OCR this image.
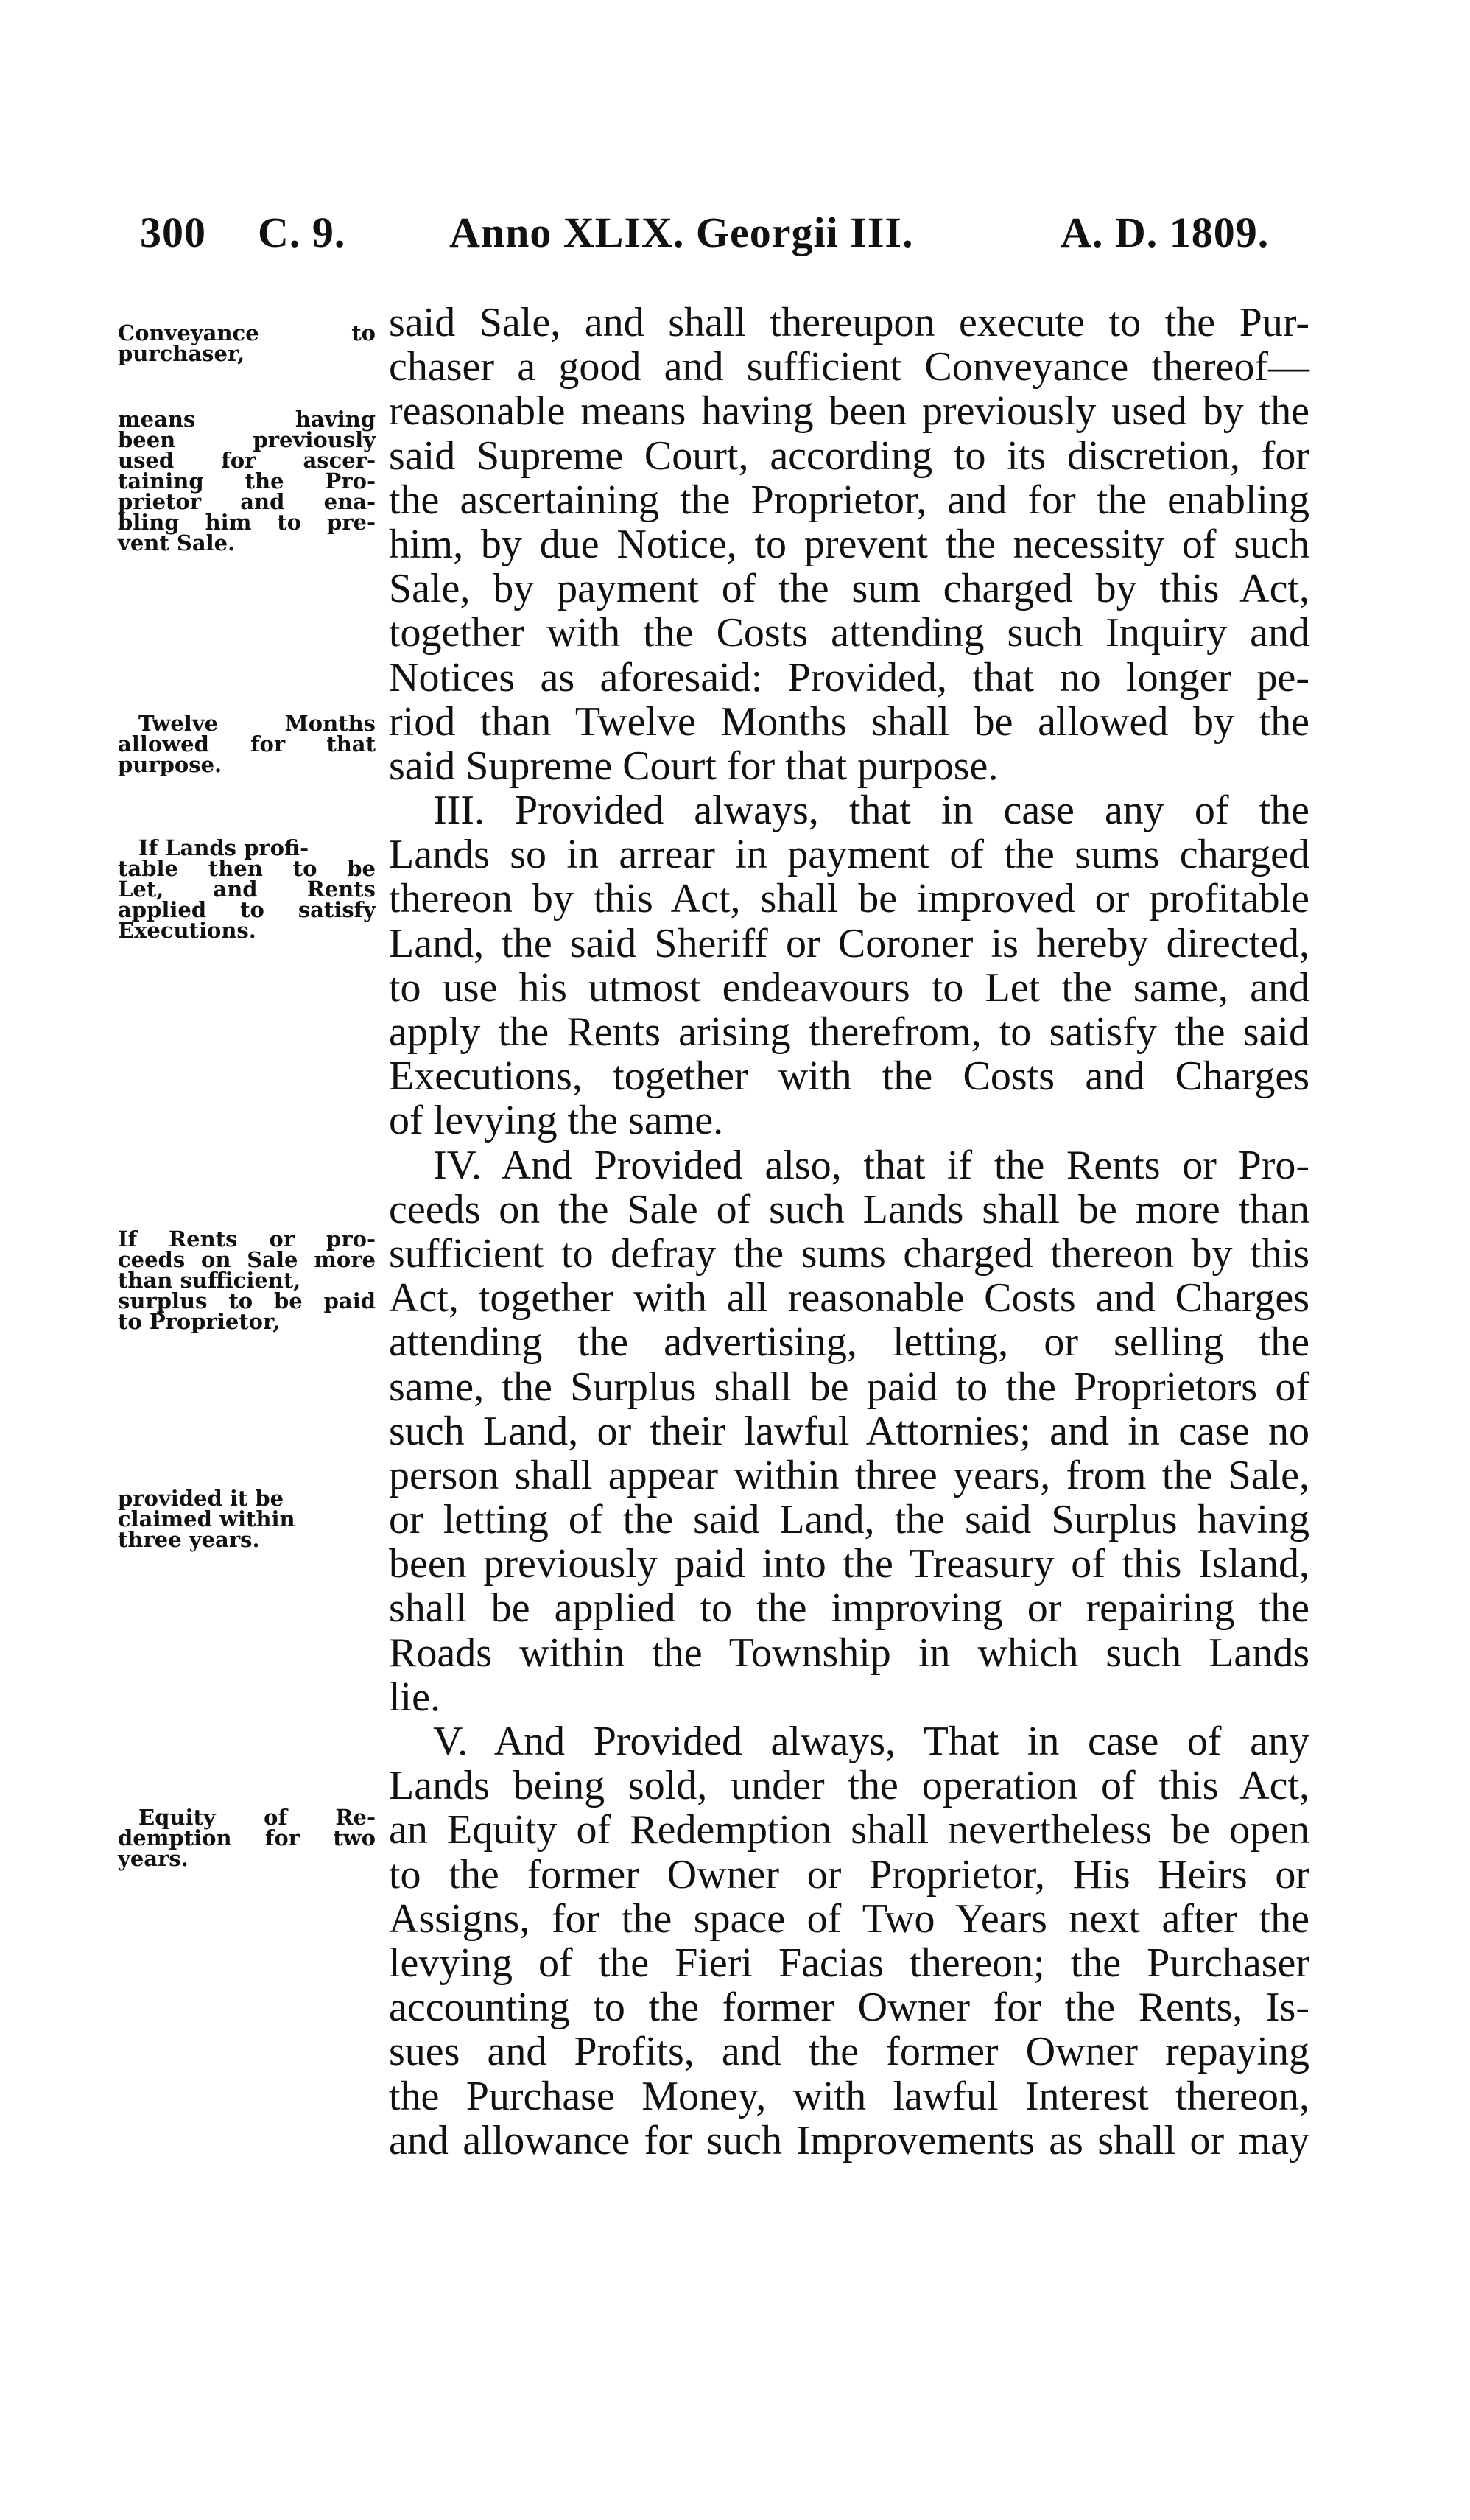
300 C. 9. Anno XLIX. Georgii III.	A. D. 1809.
Conveyance to
purchaser,
means having
been previously
used for ascer-
taining the Pro-
prietor and ena-
bling him to pre-
vent Sale.
Twelve Months
allowed for that
purpose.
If Lands profi-
table then to be
Let, and Rents
applied to satisfy
Executions.
If Rents or pro-
ceeds on Sale more
than sufficient,
surplus to be paid
to Proprietor,
provided it be
claimed within
three years.
Equity of Re-
demption for two
years.
said Sale, and shall thereupon execute to the Pur-
chaser a good and sufficient Conveyance thereof—
reasonable means having been previously used by the
said Supreme Court, according to its discretion, for
the ascertaining the Proprietor, and for the enabling
him, by due Notice, to prevent the necessity of such
Sale, by payment of the sum charged by this Act,
together with the Costs attending such Inquiry and
Notices as aforesaid: Provided, that no longer pe-
riod than Twelve Months shall be allowed by the
said Supreme Court for that purpose.
III. Provided always, that in case any of the
Lands so in arrear in payment of the sums charged
thereon by this Act, shall be improved or profitable
Land, the said Sheriff or Coroner is hereby directed,
to use his utmost endeavours to Let the same, and
apply the Rents arising therefrom, to satisfy the said
Executions, together with the Costs and Charges
of levying the same.
IV. And Provided also, that if the Rents or Pro-
ceeds on the Sale of such Lands shall be more than
sufficient to defray the sums charged thereon by this
Act, together with all reasonable Costs and Charges
attending the advertising, letting, or selling the
same, the Surplus shall be paid to the Proprietors of
such Land, or their lawful Attornies; and in case no
person shall appear within three years, from the Sale,
or letting of the said Land, the said Surplus having
been previously paid into the Treasury of this Island,
shall be applied to the improving or repairing the
Roads within the Township in which such Lands
lie.
V. And Provided always, That in case of any
Lands being sold, under the operation of this Act,
an Equity of Redemption shall nevertheless be open
to the former Owner or Proprietor, His Heirs or
Assigns, for the space of Two Years next after the
levying of the Fieri Facias thereon; the Purchaser
accounting to the former Owner for the Rents, Is-
sues and Profits, and the former Owner repaying
the Purchase Money, with lawful Interest thereon,
and allowance for such Improvements as shall or may
